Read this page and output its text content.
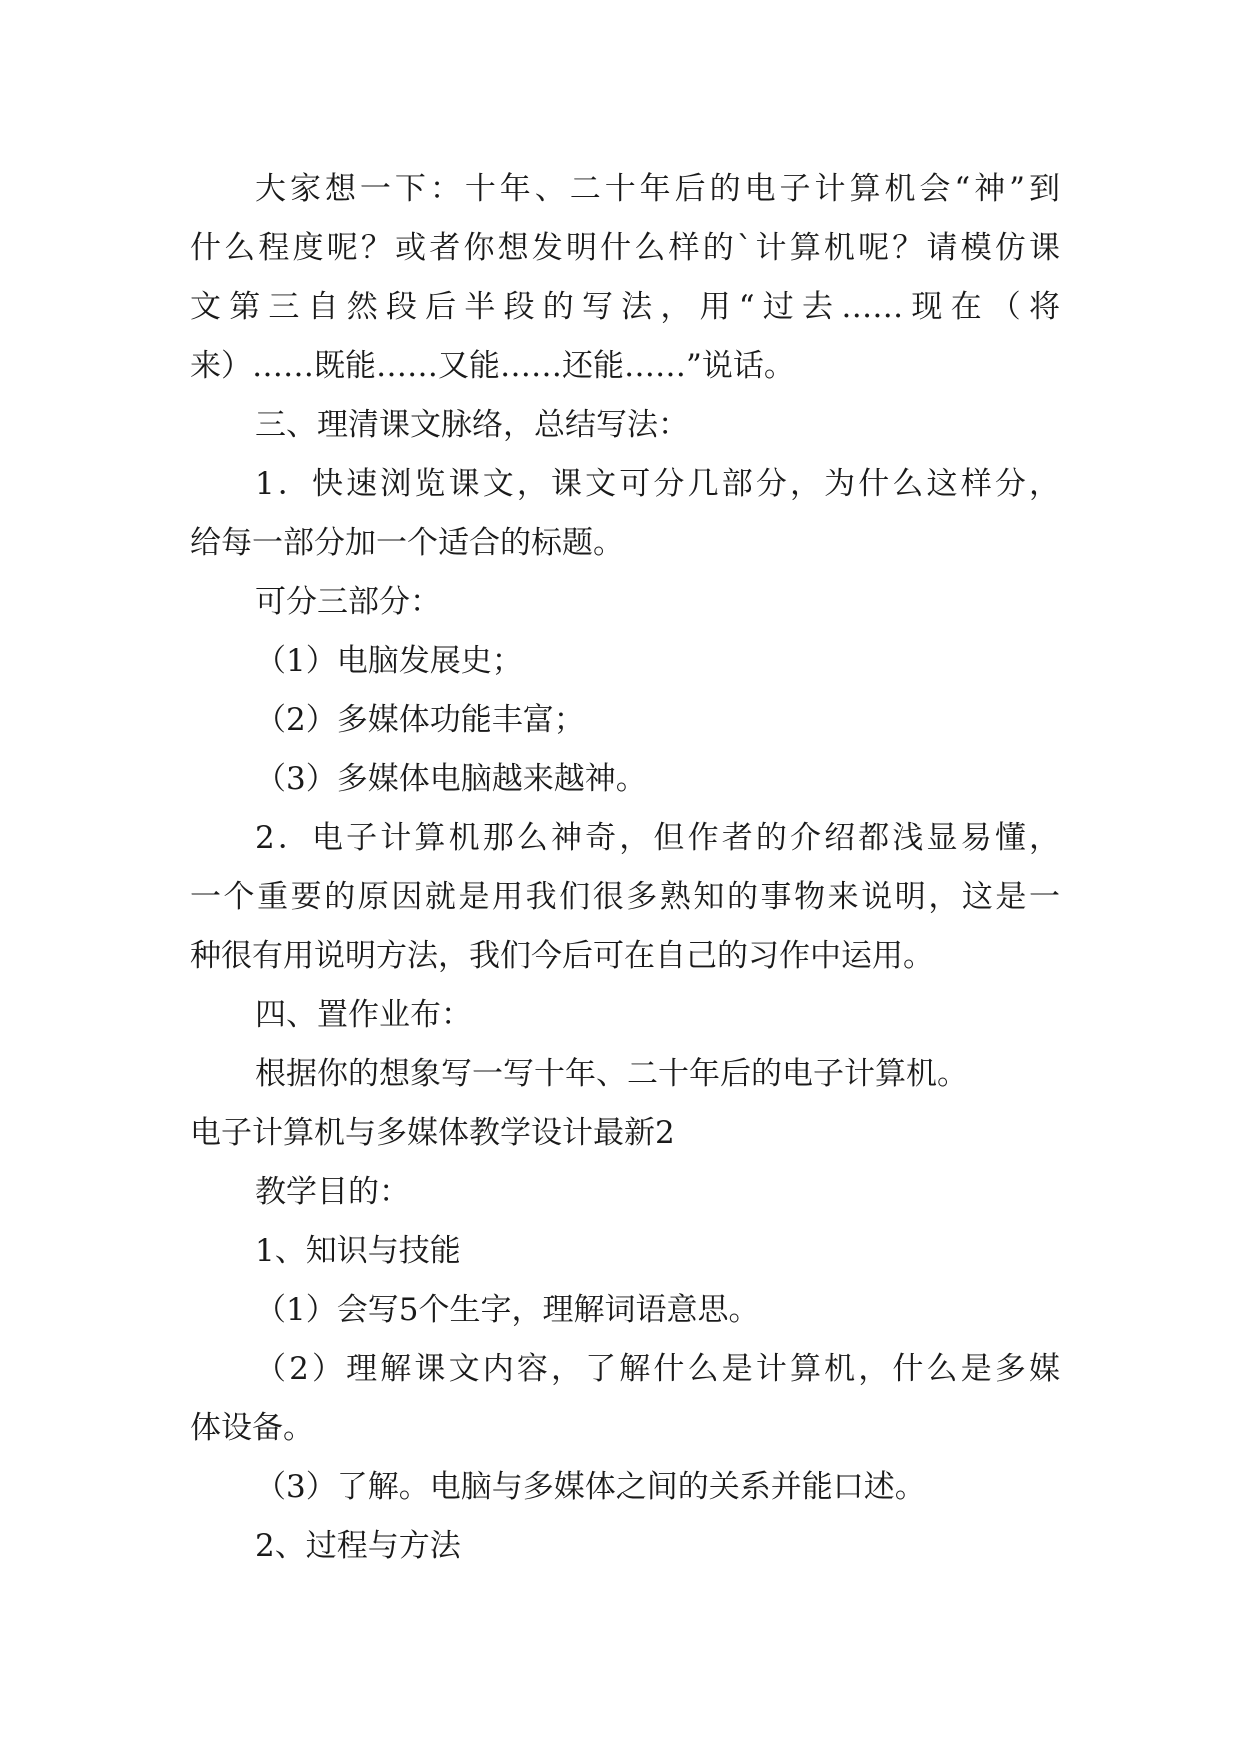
大家想一下：十年、二十年后的电子计算机会“神”到
什么程度呢？或者你想发明什么样的`计算机呢？请模仿课
文第三自然段后半段的写法，用“过去……现在（将
来）……既能……又能……还能……”说话。
三、理清课文脉络，总结写法：
1．快速浏览课文，课文可分几部分，为什么这样分，
给每一部分加一个适合的标题。
可分三部分：
（1）电脑发展史；
（2）多媒体功能丰富；
（3）多媒体电脑越来越神。
2．电子计算机那么神奇，但作者的介绍都浅显易懂，
一个重要的原因就是用我们很多熟知的事物来说明，这是一
种很有用说明方法，我们今后可在自己的习作中运用。
四、置作业布：
根据你的想象写一写十年、二十年后的电子计算机。
电子计算机与多媒体教学设计最新2
教学目的：
1、知识与技能
（1）会写5个生字，理解词语意思。
（2）理解课文内容，了解什么是计算机，什么是多媒
体设备。
（3）了解。电脑与多媒体之间的关系并能口述。
2、过程与方法
